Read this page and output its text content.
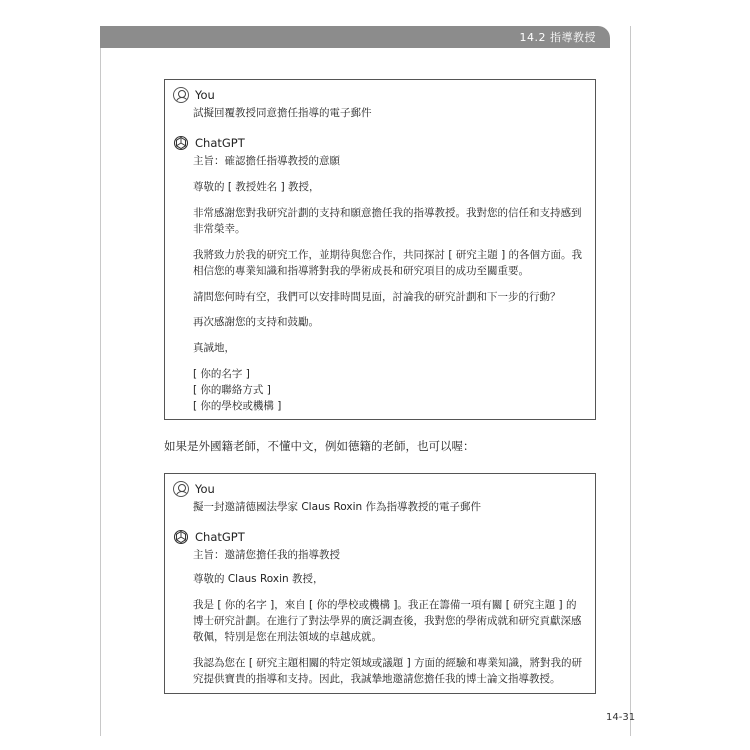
14.2 指導教授
You
試擬回覆教授同意擔任指導的電子郵件
ChatGPT
主旨：確認擔任指導教授的意願
尊敬的 [ 教授姓名 ] 教授，
非常感謝您對我研究計劃的支持和願意擔任我的指導教授。我對您的信任和支持感到非常榮幸。
我將致力於我的研究工作，並期待與您合作，共同探討 [ 研究主題 ] 的各個方面。我相信您的專業知識和指導將對我的學術成長和研究項目的成功至關重要。
請問您何時有空，我們可以安排時間見面，討論我的研究計劃和下一步的行動？
再次感謝您的支持和鼓勵。
真誠地，
[ 你的名字 ]
[ 你的聯絡方式 ]
[ 你的學校或機構 ]
如果是外國籍老師，不懂中文，例如德籍的老師，也可以喔：
You
擬一封邀請德國法學家 Claus Roxin 作為指導教授的電子郵件
ChatGPT
主旨：邀請您擔任我的指導教授
尊敬的 Claus Roxin 教授，
我是 [ 你的名字 ]，來自 [ 你的學校或機構 ]。我正在籌備一項有關 [ 研究主題 ] 的博士研究計劃。在進行了對法學界的廣泛調查後，我對您的學術成就和研究貢獻深感敬佩，特別是您在刑法領域的卓越成就。
我認為您在 [ 研究主題相關的特定領域或議題 ] 方面的經驗和專業知識，將對我的研究提供寶貴的指導和支持。因此，我誠摯地邀請您擔任我的博士論文指導教授。
14-31
